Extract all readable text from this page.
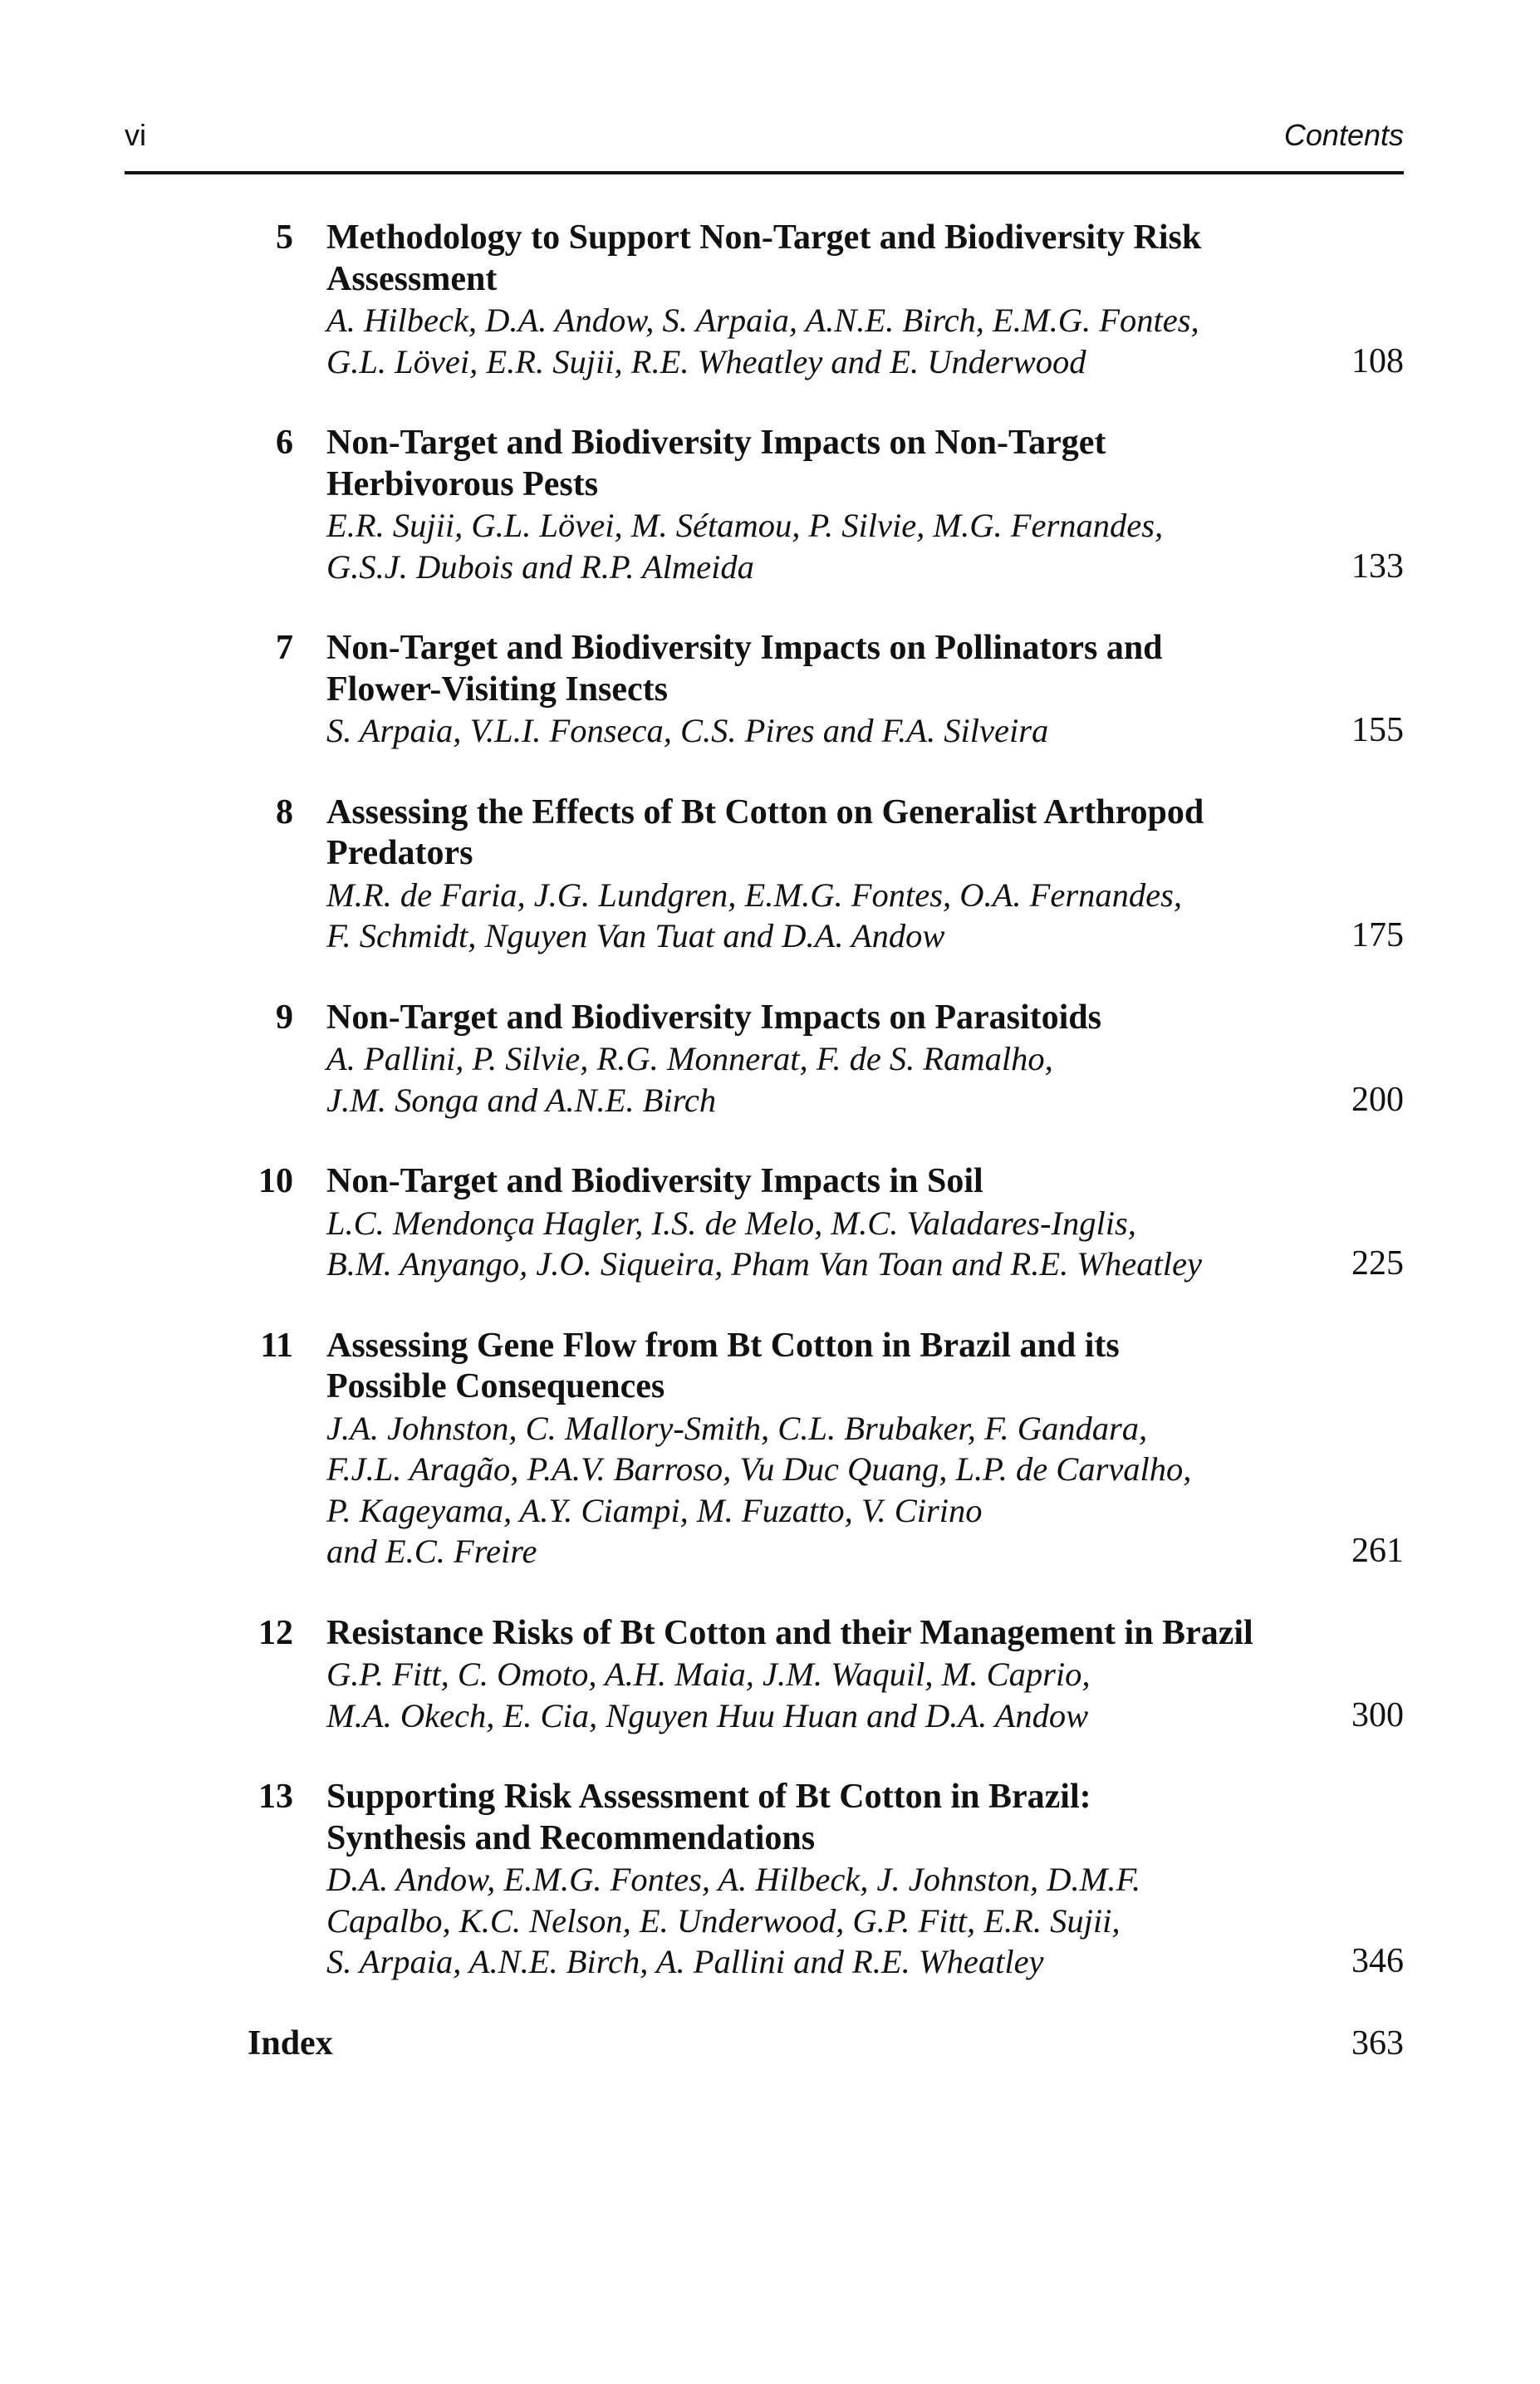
vi	Contents
5 Methodology to Support Non-Target and Biodiversity Risk
Assessment
A. Hilbeck, D.A. Andow, S. Arpaia, A.N.E. Birch, E.M.G. Fontes,
G.L. Lövei, E.R. Sujii, R.E. Wheatley and E. Underwood	108
6 Non-Target and Biodiversity Impacts on Non-Target
Herbivorous Pests
E.R. Sujii, G.L. Lövei, M. Sétamou, P. Silvie, M.G. Fernandes,
G.S.J. Dubois and R.P. Almeida	133
7 Non-Target and Biodiversity Impacts on Pollinators and
Flower-Visiting Insects
S. Arpaia, V.L.I. Fonseca, C.S. Pires and F.A. Silveira	155
8 Assessing the Effects of Bt Cotton on Generalist Arthropod
Predators
M.R. de Faria, J.G. Lundgren, E.M.G. Fontes, O.A. Fernandes,
F. Schmidt, Nguyen Van Tuat and D.A. Andow	175
9 Non-Target and Biodiversity Impacts on Parasitoids
A. Pallini, P. Silvie, R.G. Monnerat, F. de S. Ramalho,
J.M. Songa and A.N.E. Birch	200
10 Non-Target and Biodiversity Impacts in Soil
L.C. Mendonça Hagler, I.S. de Melo, M.C. Valadares-Inglis,
B.M. Anyango, J.O. Siqueira, Pham Van Toan and R.E. Wheatley	225
11 Assessing Gene Flow from Bt Cotton in Brazil and its
Possible Consequences
J.A. Johnston, C. Mallory-Smith, C.L. Brubaker, F. Gandara,
F.J.L. Aragão, P.A.V. Barroso, Vu Duc Quang, L.P. de Carvalho,
P. Kageyama, A.Y. Ciampi, M. Fuzatto, V. Cirino
and E.C. Freire	261
12 Resistance Risks of Bt Cotton and their Management in Brazil
G.P. Fitt, C. Omoto, A.H. Maia, J.M. Waquil, M. Caprio,
M.A. Okech, E. Cia, Nguyen Huu Huan and D.A. Andow	300
13 Supporting Risk Assessment of Bt Cotton in Brazil:
Synthesis and Recommendations
D.A. Andow, E.M.G. Fontes, A. Hilbeck, J. Johnston, D.M.F.
Capalbo, K.C. Nelson, E. Underwood, G.P. Fitt, E.R. Sujii,
S. Arpaia, A.N.E. Birch, A. Pallini and R.E. Wheatley	346
Index	363
